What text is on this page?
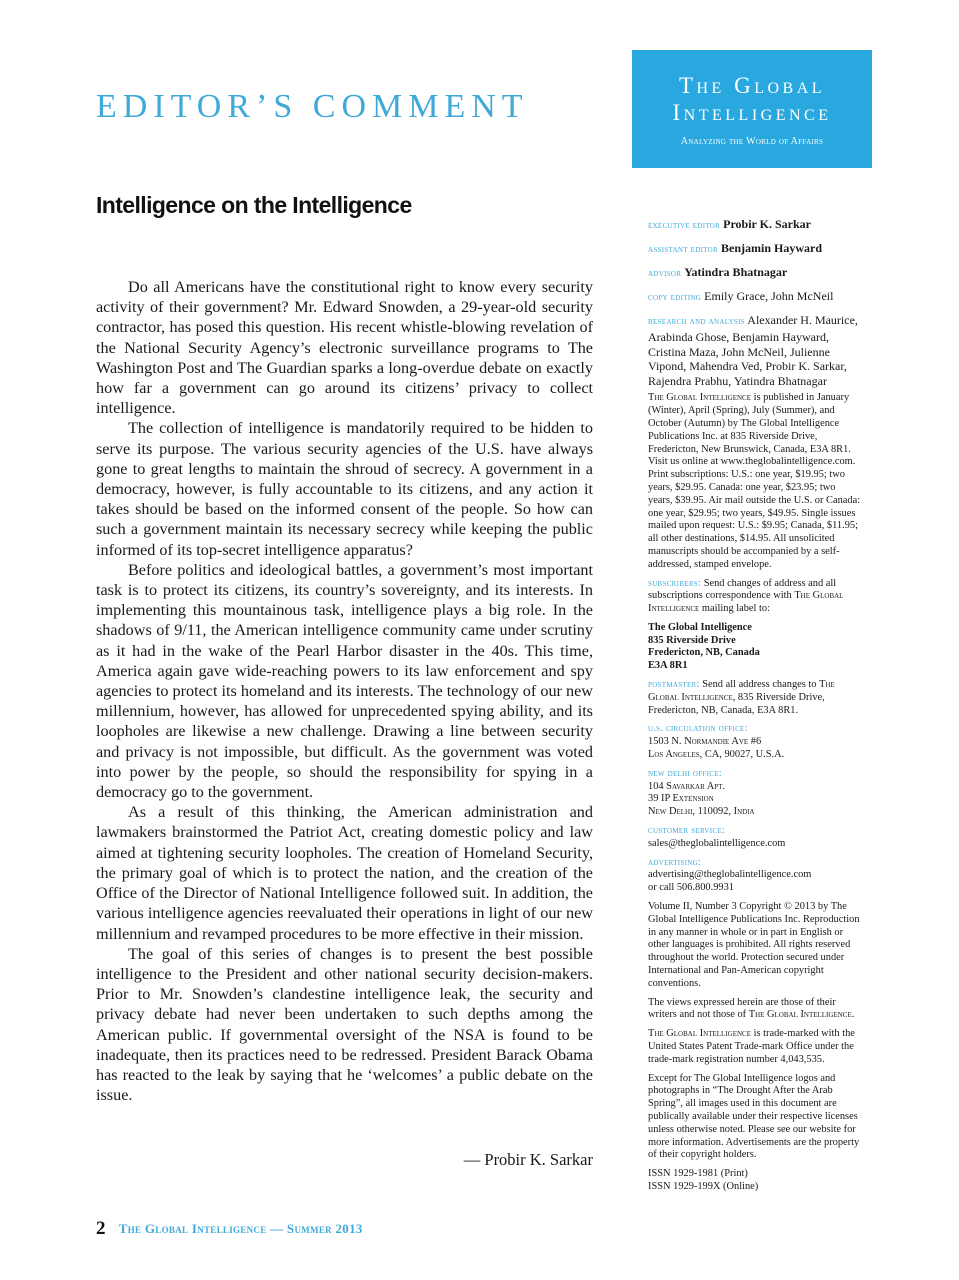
EDITOR’S COMMENT
The Global
Intelligence
Analyzing the World of Affairs
Intelligence on the Intelligence

Do all Americans have the constitutional right to know every security activity of their government? Mr. Edward Snowden, a 29-year-old security contractor, has posed this question. His recent whistle-blowing revelation of the National Security Agency’s electronic surveillance programs to The Washington Post and The Guardian sparks a long-overdue debate on exactly how far a government can go around its citizens’ privacy to collect intelligence.

The collection of intelligence is mandatorily required to be hidden to serve its purpose. The various security agencies of the U.S. have always gone to great lengths to maintain the shroud of secrecy. A government in a democracy, however, is fully accountable to its citizens, and any action it takes should be based on the informed consent of the people. So how can such a government maintain its necessary secrecy while keeping the public informed of its top-secret intelligence apparatus?

Before politics and ideological battles, a government’s most important task is to protect its citizens, its country’s sovereignty, and its interests. In implementing this mountainous task, intelligence plays a big role. In the shadows of 9/11, the American intelligence community came under scrutiny as it had in the wake of the Pearl Harbor disaster in the 40s. This time, America again gave wide-reaching powers to its law enforcement and spy agencies to protect its homeland and its interests. The technology of our new millennium, however, has allowed for unprecedented spying ability, and its loopholes are likewise a new challenge. Drawing a line between security and privacy is not impossible, but difficult. As the government was voted into power by the people, so should the responsibility for spying in a democracy go to the government.

As a result of this thinking, the American administration and lawmakers brainstormed the Patriot Act, creating domestic policy and law aimed at tightening security loopholes. The creation of Homeland Security, the primary goal of which is to protect the nation, and the creation of the Office of the Director of National Intelligence followed suit. In addition, the various intelligence agencies reevaluated their operations in light of our new millennium and revamped procedures to be more effective in their mission.

The goal of this series of changes is to present the best possible intelligence to the President and other national security decision-makers. Prior to Mr. Snowden’s clandestine intelligence leak, the security and privacy debate had never been undertaken to such depths among the American public. If governmental oversight of the NSA is found to be inadequate, then its practices need to be redressed. President Barack Obama has reacted to the leak by saying that he ‘welcomes’ a public debate on the issue.

— Probir K. Sarkar
executive editor Probir K. Sarkar
assistant editor Benjamin Hayward
advisor Yatindra Bhatnagar
copy editing Emily Grace, John McNeil
research and analysis Alexander H. Maurice, Arabinda Ghose, Benjamin Hayward, Cristina Maza, John McNeil, Julienne Vipond, Mahendra Ved, Probir K. Sarkar, Rajendra Prabhu, Yatindra Bhatnagar
The Global Intelligence is published in January (Winter), April (Spring), July (Summer), and October (Autumn) by The Global Intelligence Publications Inc. at 835 Riverside Drive, Fredericton, New Brunswick, Canada, E3A 8R1. Visit us online at www.theglobalintelligence.com. Print subscriptions: U.S.: one year, $19.95; two years, $29.95. Canada: one year, $23.95; two years, $39.95. Air mail outside the U.S. or Canada: one year, $29.95; two years, $49.95. Single issues mailed upon request: U.S.: $9.95; Canada, $11.95; all other destinations, $14.95. All unsolicited manuscripts should be accompanied by a self-addressed, stamped envelope.
subscribers: Send changes of address and all subscriptions correspondence with The Global Intelligence mailing label to:
The Global Intelligence
835 Riverside Drive
Fredericton, NB, Canada
E3A 8R1
postmaster: Send all address changes to The Global Intelligence, 835 Riverside Drive, Fredericton, NB, Canada, E3A 8R1.
u.s. circulation office:
1503 N. Normandie Ave #6
Los Angeles, CA, 90027, U.S.A.
new delhi office:
104 Savarkar Apt.
39 IP Extension
New Delhi, 110092, India
customer service:
sales@theglobalintelligence.com
advertising:
advertising@theglobalintelligence.com
or call 506.800.9931
Volume II, Number 3 Copyright © 2013 by The Global Intelligence Publications Inc. Reproduction in any manner in whole or in part in English or other languages is prohibited. All rights reserved throughout the world. Protection secured under International and Pan-American copyright conventions.
The views expressed herein are those of their writers and not those of The Global Intelligence.
The Global Intelligence is trade-marked with the United States Patent Trade-mark Office under the trade-mark registration number 4,043,535.
Except for The Global Intelligence logos and photographs in “The Drought After the Arab Spring”, all images used in this document are publically available under their respective licenses unless otherwise noted. Please see our website for more information. Advertisements are the property of their copyright holders.
ISSN 1929-1981 (Print)
ISSN 1929-199X (Online)
2 The Global Intelligence — Summer 2013
